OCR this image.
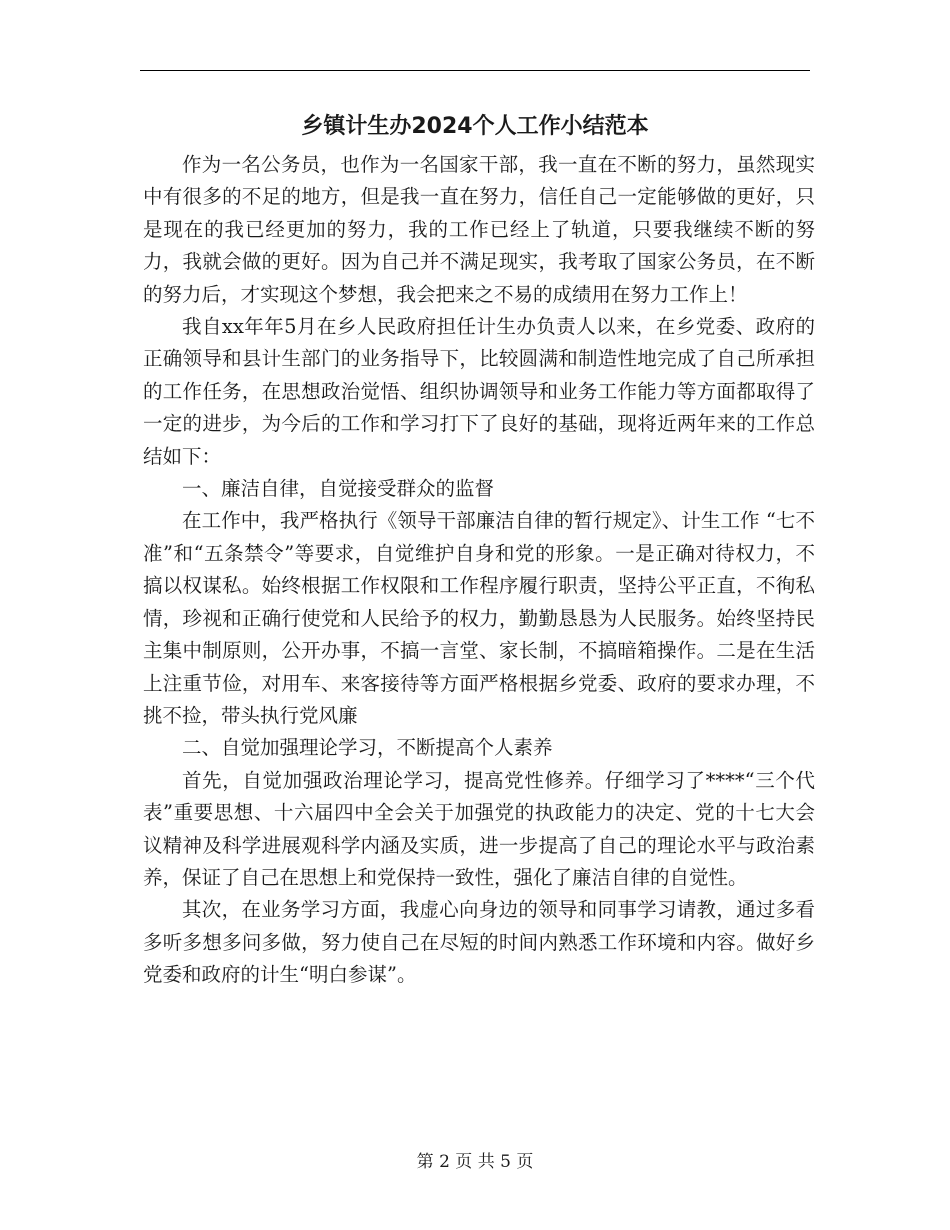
乡镇计生办2024个人工作小结范本

作为一名公务员，也作为一名国家干部，我一直在不断的努力，虽然现实中有很多的不足的地方，但是我一直在努力，信任自己一定能够做的更好，只是现在的我已经更加的努力，我的工作已经上了轨道，只要我继续不断的努力，我就会做的更好。因为自己并不满足现实，我考取了国家公务员，在不断的努力后，才实现这个梦想，我会把来之不易的成绩用在努力工作上！

我自xx年年5月在乡人民政府担任计生办负责人以来，在乡党委、政府的正确领导和县计生部门的业务指导下，比较圆满和制造性地完成了自己所承担的工作任务，在思想政治觉悟、组织协调领导和业务工作能力等方面都取得了一定的进步，为今后的工作和学习打下了良好的基础，现将近两年来的工作总结如下：

一、廉洁自律，自觉接受群众的监督

在工作中，我严格执行《领导干部廉洁自律的暂行规定》、计生工作 “七不准”和“五条禁令”等要求，自觉维护自身和党的形象。一是正确对待权力，不搞以权谋私。始终根据工作权限和工作程序履行职责，坚持公平正直，不徇私情，珍视和正确行使党和人民给予的权力，勤勤恳恳为人民服务。始终坚持民主集中制原则，公开办事，不搞一言堂、家长制，不搞暗箱操作。二是在生活上注重节俭，对用车、来客接待等方面严格根据乡党委、政府的要求办理，不挑不捡，带头执行党风廉

二、自觉加强理论学习，不断提高个人素养

首先，自觉加强政治理论学习，提高党性修养。仔细学习了****“三个代表”重要思想、十六届四中全会关于加强党的执政能力的决定、党的十七大会议精神及科学进展观科学内涵及实质，进一步提高了自己的理论水平与政治素养，保证了自己在思想上和党保持一致性，强化了廉洁自律的自觉性。

其次，在业务学习方面，我虚心向身边的领导和同事学习请教，通过多看多听多想多问多做，努力使自己在尽短的时间内熟悉工作环境和内容。做好乡党委和政府的计生“明白参谋”。

第 2 页 共 5 页
